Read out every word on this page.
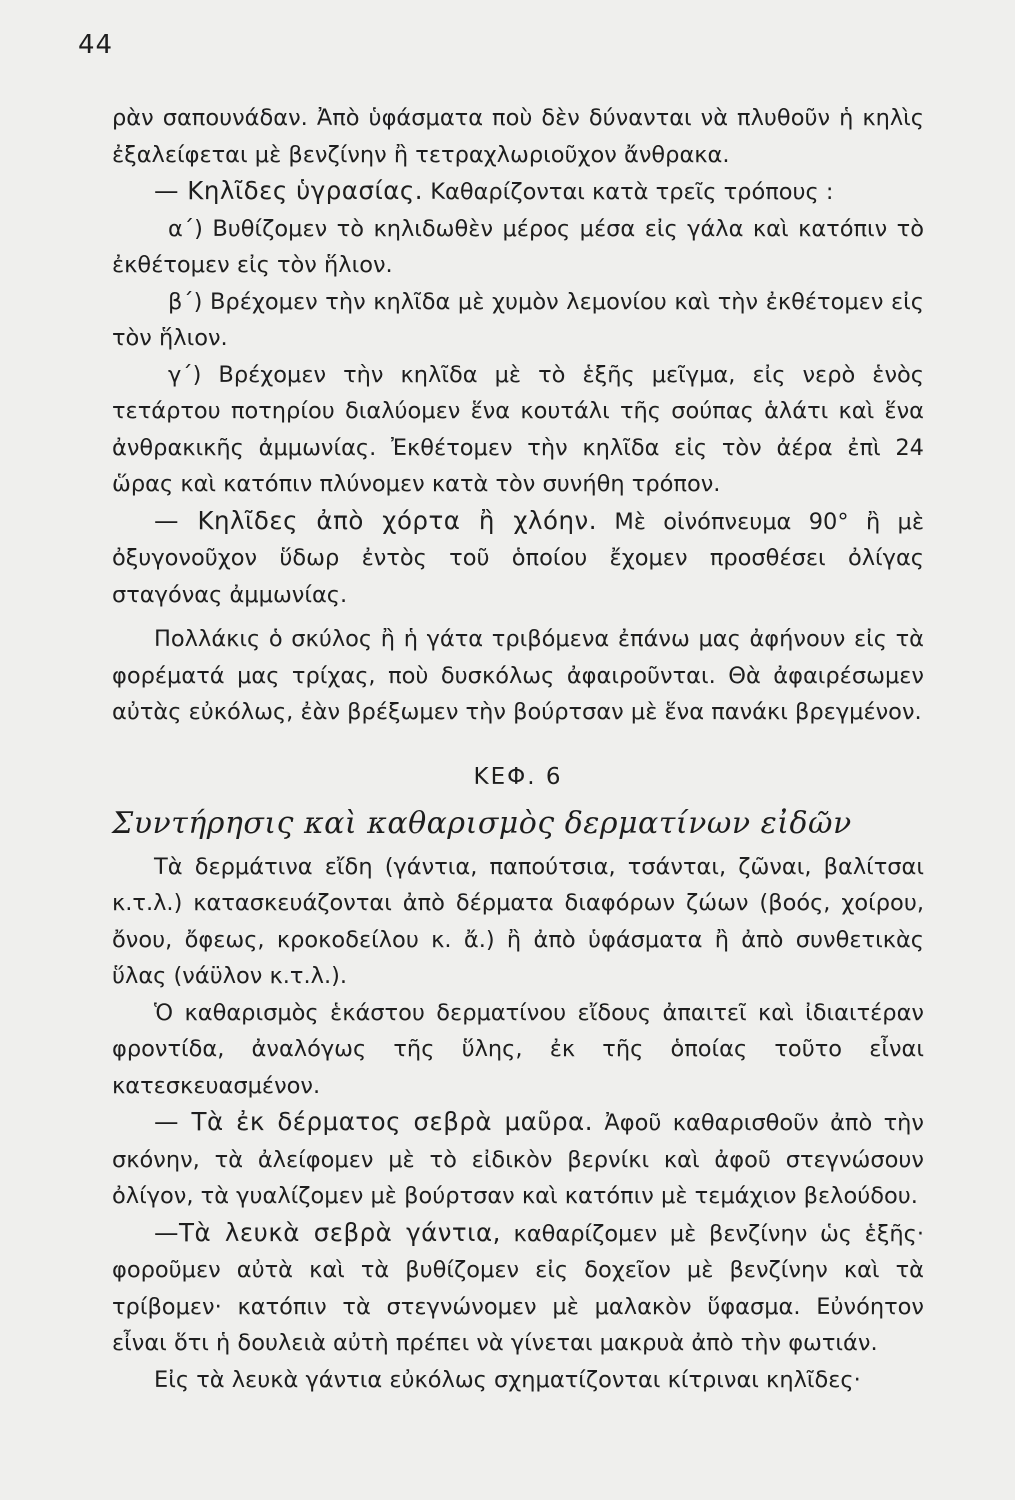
44

ρὰν σαπουνάδαν. Ἀπὸ ὑφάσματα ποὺ δὲν δύνανται νὰ πλυθοῦν ἡ κηλὶς ἐξαλείφεται μὲ βενζίνην ἢ τετραχλωριοῦχον ἄνθρακα.

— Κηλῖδες ὑγρασίας. Καθαρίζονται κατὰ τρεῖς τρόπους :

α΄) Βυθίζομεν τὸ κηλιδωθὲν μέρος μέσα εἰς γάλα καὶ κατόπιν τὸ ἐκθέτομεν εἰς τὸν ἥλιον.

β΄) Βρέχομεν τὴν κηλῖδα μὲ χυμὸν λεμονίου καὶ τὴν ἐκθέτομεν εἰς τὸν ἥλιον.

γ΄) Βρέχομεν τὴν κηλῖδα μὲ τὸ ἑξῆς μεῖγμα, εἰς νερὸ ἑνὸς τετάρτου ποτηρίου διαλύομεν ἕνα κουτάλι τῆς σούπας ἁλάτι καὶ ἕνα ἀνθρακικῆς ἀμμωνίας. Ἐκθέτομεν τὴν κηλῖδα εἰς τὸν ἀέρα ἐπὶ 24 ὥρας καὶ κατόπιν πλύνομεν κατὰ τὸν συνήθη τρόπον.

— Κηλῖδες ἀπὸ χόρτα ἢ χλόην. Μὲ οἰνόπνευμα 90° ἢ μὲ ὀξυγονοῦχον ὕδωρ ἐντὸς τοῦ ὁποίου ἔχομεν προσθέσει ὀλίγας σταγόνας ἀμμωνίας.

Πολλάκις ὁ σκύλος ἢ ἡ γάτα τριβόμενα ἐπάνω μας ἀφήνουν εἰς τὰ φορέματά μας τρίχας, ποὺ δυσκόλως ἀφαιροῦνται. Θὰ ἀφαιρέσωμεν αὐτὰς εὐκόλως, ἐὰν βρέξωμεν τὴν βούρτσαν μὲ ἕνα πανάκι βρεγμένον.

ΚΕΦ. 6
Συντήρησις καὶ καθαρισμὸς δερματίνων εἰδῶν

Τὰ δερμάτινα εἴδη (γάντια, παπούτσια, τσάνται, ζῶναι, βαλίτσαι κ.τ.λ.) κατασκευάζονται ἀπὸ δέρματα διαφόρων ζώων (βοός, χοίρου, ὄνου, ὄφεως, κροκοδείλου κ. ἄ.) ἢ ἀπὸ ὑφάσματα ἢ ἀπὸ συνθετικὰς ὕλας (νάϋλον κ.τ.λ.).

Ὁ καθαρισμὸς ἑκάστου δερματίνου εἴδους ἀπαιτεῖ καὶ ἰδιαιτέραν φροντίδα, ἀναλόγως τῆς ὕλης, ἐκ τῆς ὁποίας τοῦτο εἶναι κατεσκευασμένον.

— Τὰ ἐκ δέρματος σεβρὰ μαῦρα. Ἀφοῦ καθαρισθοῦν ἀπὸ τὴν σκόνην, τὰ ἀλείφομεν μὲ τὸ εἰδικὸν βερνίκι καὶ ἀφοῦ στεγνώσουν ὀλίγον, τὰ γυαλίζομεν μὲ βούρτσαν καὶ κατόπιν μὲ τεμάχιον βελούδου.

—Τὰ λευκὰ σεβρὰ γάντια, καθαρίζομεν μὲ βενζίνην ὡς ἑξῆς· φοροῦμεν αὐτὰ καὶ τὰ βυθίζομεν εἰς δοχεῖον μὲ βενζίνην καὶ τὰ τρίβομεν· κατόπιν τὰ στεγνώνομεν μὲ μαλακὸν ὕφασμα. Εὐνόητον εἶναι ὅτι ἡ δουλειὰ αὐτὴ πρέπει νὰ γίνεται μακρυὰ ἀπὸ τὴν φωτιάν.

Εἰς τὰ λευκὰ γάντια εὐκόλως σχηματίζονται κίτριναι κηλῖδες·
